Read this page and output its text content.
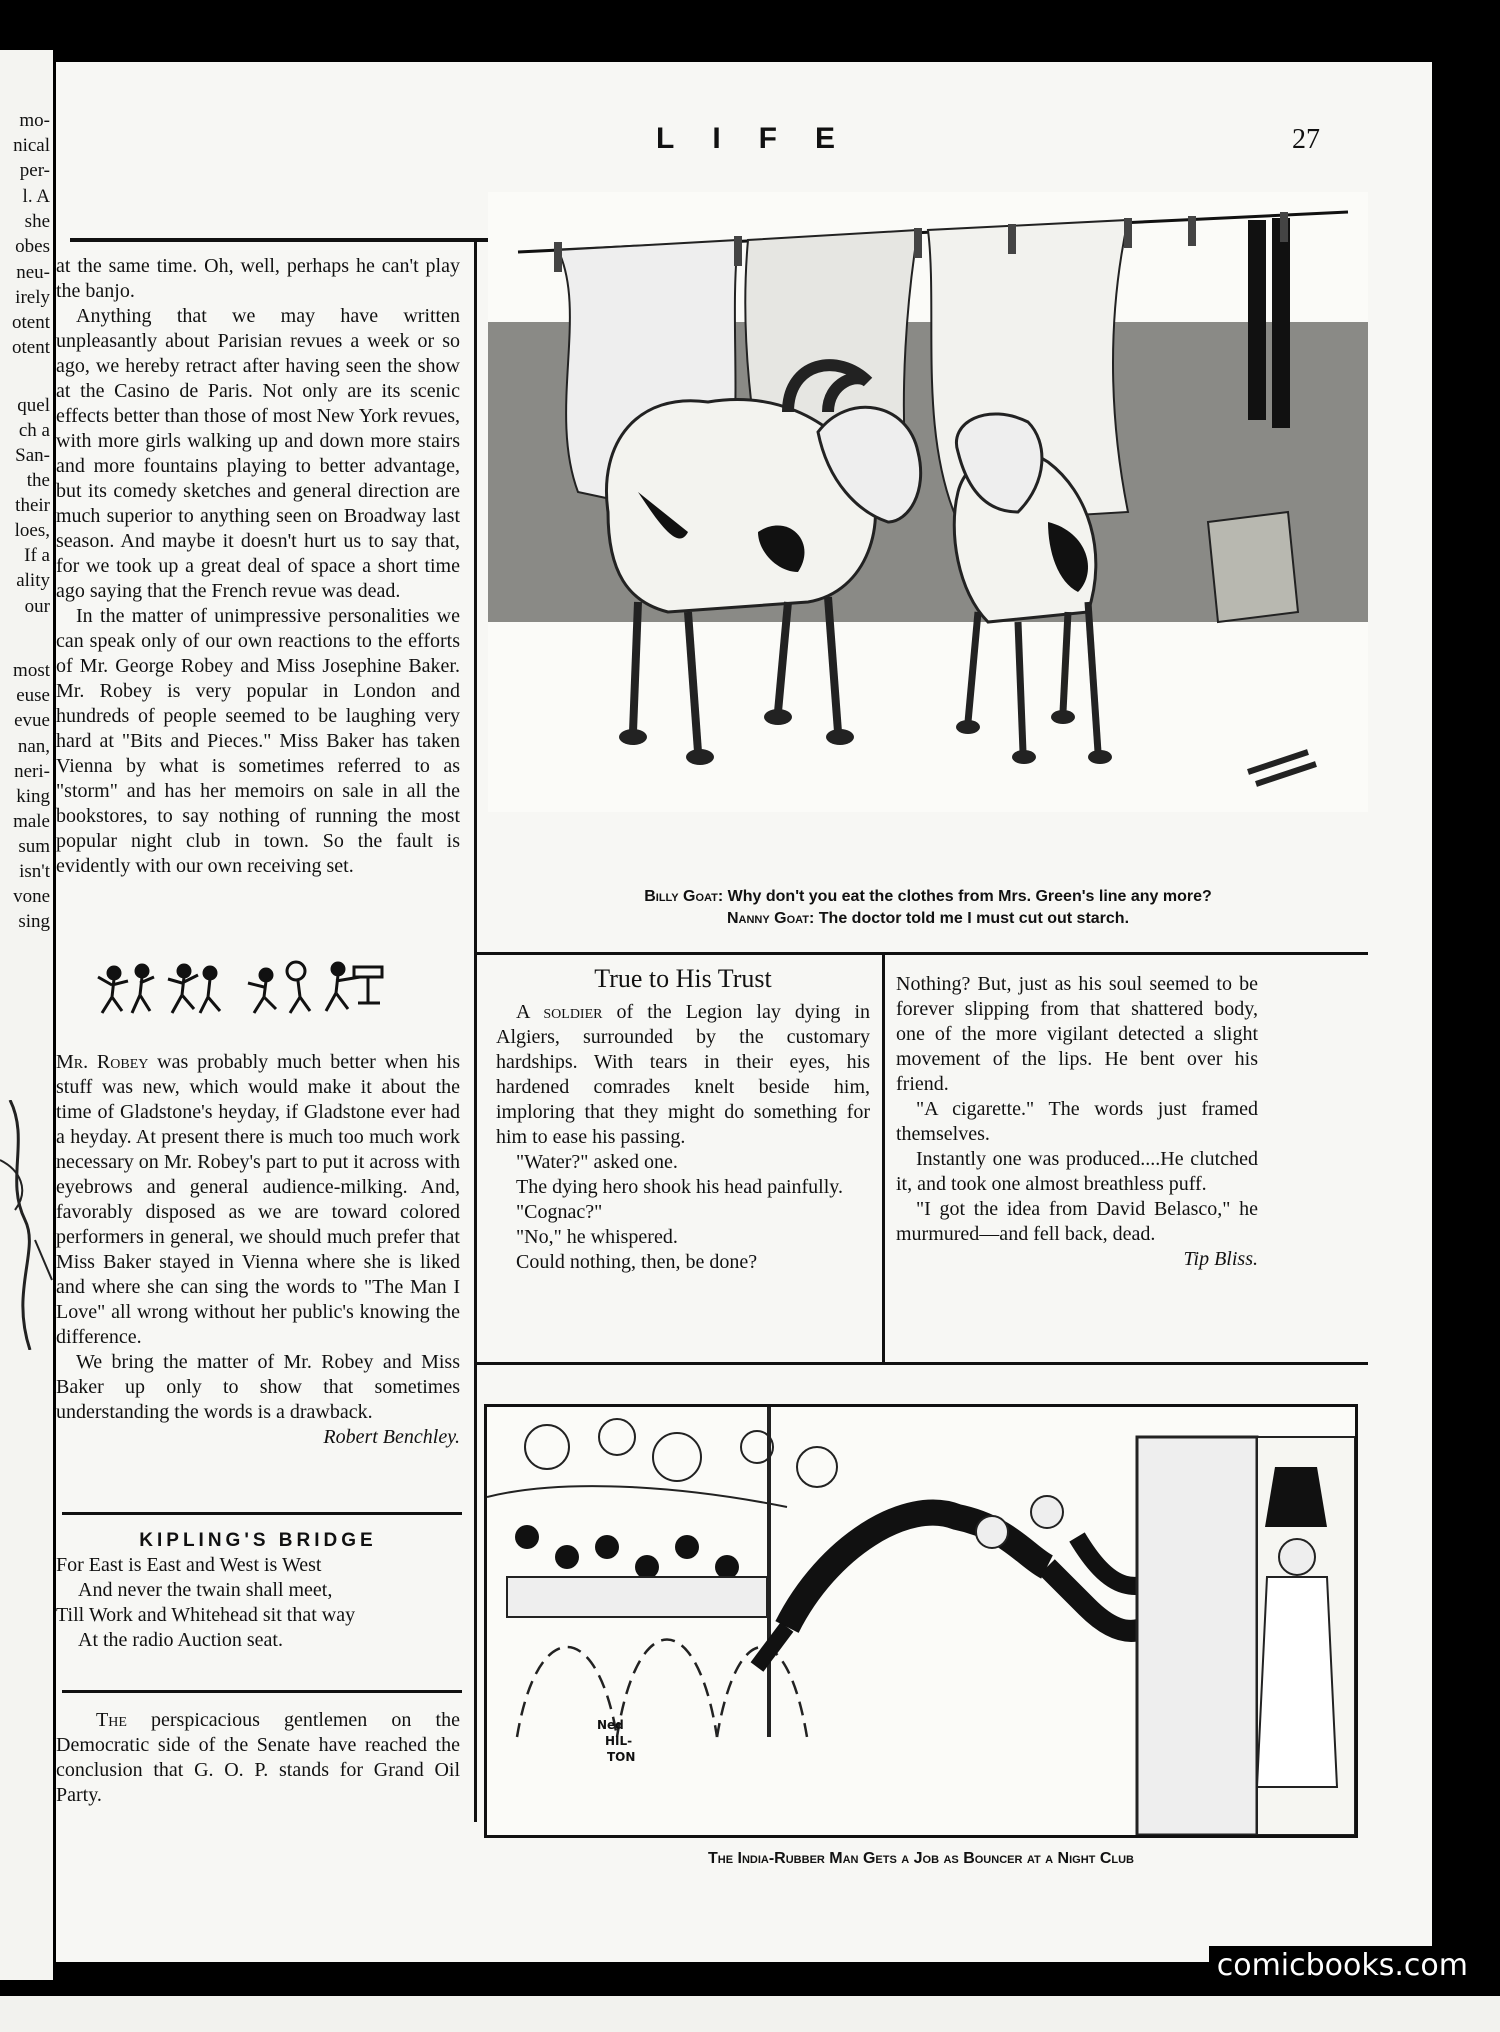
mo-

nical

per-

l. A

she

obes

neu-

irely

otent

otent

quel

ch a

San-

the

their

loes,

If a

ality

our

most

euse

evue

nan,

neri-

king

male

sum

isn't

vone

sing

LIFE	27

at the same time. Oh, well, perhaps he can't play the banjo.

Anything that we may have written unpleasantly about Parisian revues a week or so ago, we hereby retract after having seen the show at the Casino de Paris. Not only are its scenic effects better than those of most New York revues, with more girls walking up and down more stairs and more fountains playing to better advantage, but its comedy sketches and general direction are much superior to anything seen on Broadway last season. And maybe it doesn't hurt us to say that, for we took up a great deal of space a short time ago saying that the French revue was dead.

In the matter of unimpressive personalities we can speak only of our own reactions to the efforts of Mr. George Robey and Miss Josephine Baker. Mr. Robey is very popular in London and hundreds of people seemed to be laughing very hard at "Bits and Pieces." Miss Baker has taken Vienna by what is sometimes referred to as "storm" and has her memoirs on sale in all the bookstores, to say nothing of running the most popular night club in town. So the fault is evidently with our own receiving set.

Mr. Robey was probably much better when his stuff was new, which would make it about the time of Gladstone's heyday, if Gladstone ever had a heyday. At present there is much too much work necessary on Mr. Robey's part to put it across with eyebrows and general audience-milking. And, favorably disposed as we are toward colored performers in general, we should much prefer that Miss Baker stayed in Vienna where she is liked and where she can sing the words to "The Man I Love" all wrong without her public's knowing the difference.

We bring the matter of Mr. Robey and Miss Baker up only to show that sometimes understanding the words is a drawback.

Robert Benchley.

KIPLING'S BRIDGE

For East is East and West is West

And never the twain shall meet,

Till Work and Whitehead sit that way

At the radio Auction seat.

The perspicacious gentlemen on the Democratic side of the Senate have reached the conclusion that G. O. P. stands for Grand Oil Party.

Billy Goat: Why don't you eat the clothes from Mrs. Green's line any more?
Nanny Goat: The doctor told me I must cut out starch.
True to His Trust

A soldier of the Legion lay dying in Algiers, surrounded by the customary hardships. With tears in their eyes, his hardened comrades knelt beside him, imploring that they might do something for him to ease his passing.

"Water?" asked one.

The dying hero shook his head painfully.

"Cognac?"

"No," he whispered.

Could nothing, then, be done?

Nothing? But, just as his soul seemed to be forever slipping from that shattered body, one of the more vigilant detected a slight movement of the lips. He bent over his friend.

"A cigarette." The words just framed themselves.

Instantly one was produced....He clutched it, and took one almost breathless puff.

"I got the idea from David Belasco," he murmured—and fell back, dead.

Tip Bliss.

Ned
HIL-
TON
The India-Rubber Man Gets a Job as Bouncer at a Night Club
comicbooks.com
